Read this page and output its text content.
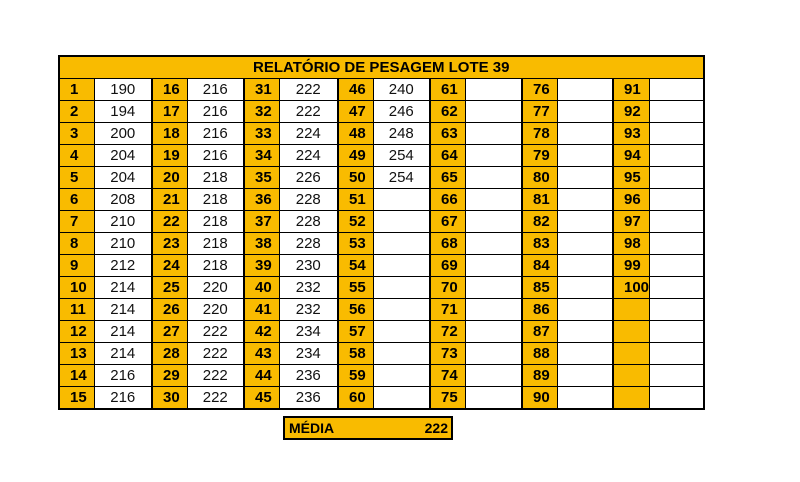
RELATÓRIO DE PESAGEM LOTE 39													
1	190	16	216	31	222	46	240	61		76		91	
2	194	17	216	32	222	47	246	62		77		92	
3	200	18	216	33	224	48	248	63		78		93	
4	204	19	216	34	224	49	254	64		79		94	
5	204	20	218	35	226	50	254	65		80		95	
6	208	21	218	36	228	51		66		81		96	
7	210	22	218	37	228	52		67		82		97	
8	210	23	218	38	228	53		68		83		98	
9	212	24	218	39	230	54		69		84		99	
10	214	25	220	40	232	55		70		85		100	
11	214	26	220	41	232	56		71		86			
12	214	27	222	42	234	57		72		87			
13	214	28	222	43	234	58		73		88			
14	216	29	222	44	236	59		74		89			
15	216	30	222	45	236	60		75		90			
MÉDIA	222
